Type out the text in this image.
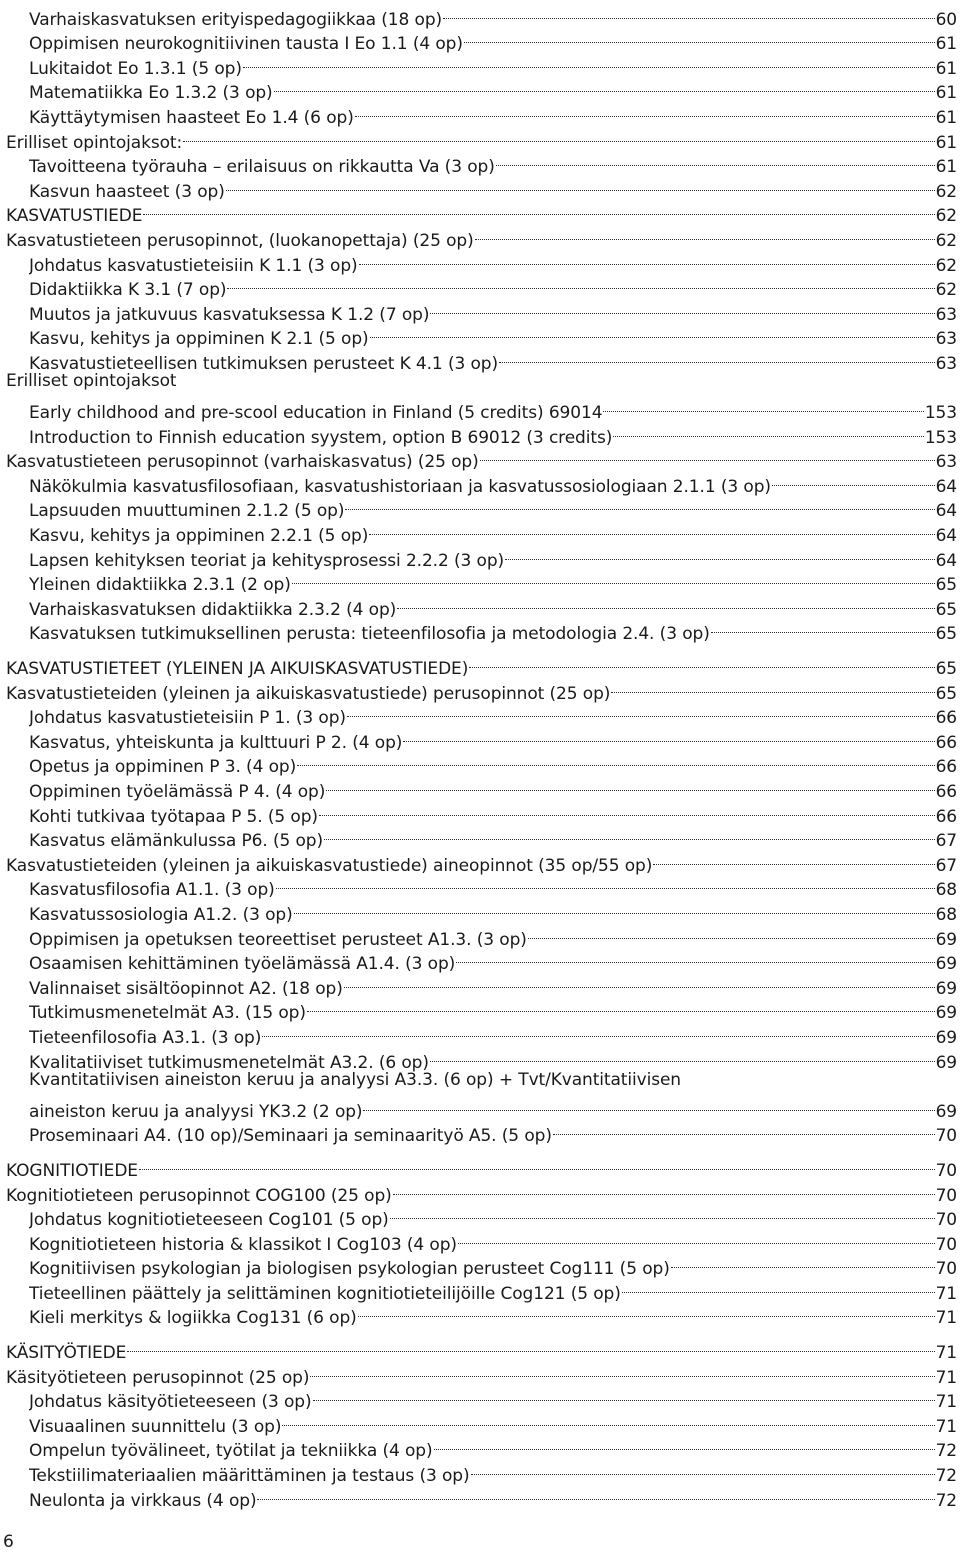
Varhaiskasvatuksen erityispedagogiikkaa (18 op)	60
Oppimisen neurokognitiivinen tausta I Eo 1.1 (4 op)	61
Lukitaidot Eo 1.3.1 (5 op)	61
Matematiikka Eo 1.3.2 (3 op)	61
Käyttäytymisen haasteet Eo 1.4 (6 op)	61
Erilliset opintojaksot:	61
Tavoitteena työrauha – erilaisuus on rikkautta Va (3 op)	61
Kasvun haasteet (3 op)	62
KASVATUSTIEDE	62
Kasvatustieteen perusopinnot, (luokanopettaja) (25 op)	62
Johdatus kasvatustieteisiin K 1.1 (3 op)	62
Didaktiikka K 3.1 (7 op)	62
Muutos ja jatkuvuus kasvatuksessa K 1.2 (7 op)	63
Kasvu, kehitys ja oppiminen K 2.1 (5 op)	63
Kasvatustieteellisen tutkimuksen perusteet K 4.1 (3 op)	63
Erilliset opintojaksot
Early childhood and pre-scool education in Finland (5 credits) 69014	153
Introduction to Finnish education syystem, option B 69012 (3 credits)	153
Kasvatustieteen perusopinnot (varhaiskasvatus) (25 op)	63
Näkökulmia kasvatusfilosofiaan, kasvatushistoriaan ja kasvatussosiologiaan 2.1.1 (3 op)	64
Lapsuuden muuttuminen 2.1.2 (5 op)	64
Kasvu, kehitys ja oppiminen 2.2.1 (5 op)	64
Lapsen kehityksen teoriat ja kehitysprosessi 2.2.2 (3 op)	64
Yleinen didaktiikka 2.3.1 (2 op)	65
Varhaiskasvatuksen didaktiikka 2.3.2 (4 op)	65
Kasvatuksen tutkimuksellinen perusta: tieteenfilosofia ja metodologia 2.4. (3 op)	65
KASVATUSTIETEET (YLEINEN JA AIKUISKASVATUSTIEDE)	65
Kasvatustieteiden (yleinen ja aikuiskasvatustiede) perusopinnot (25 op)	65
Johdatus kasvatustieteisiin P 1. (3 op)	66
Kasvatus, yhteiskunta ja kulttuuri P 2. (4 op)	66
Opetus ja oppiminen P 3. (4 op)	66
Oppiminen työelämässä P 4. (4 op)	66
Kohti tutkivaa työtapaa P 5. (5 op)	66
Kasvatus elämänkulussa P6. (5 op)	67
Kasvatustieteiden (yleinen ja aikuiskasvatustiede) aineopinnot (35 op/55 op)	67
Kasvatusfilosofia A1.1. (3 op)	68
Kasvatussosiologia A1.2. (3 op)	68
Oppimisen ja opetuksen teoreettiset perusteet A1.3. (3 op)	69
Osaamisen kehittäminen työelämässä A1.4. (3 op)	69
Valinnaiset sisältöopinnot A2. (18 op)	69
Tutkimusmenetelmät A3. (15 op)	69
Tieteenfilosofia A3.1. (3 op)	69
Kvalitatiiviset tutkimusmenetelmät A3.2. (6 op)	69
Kvantitatiivisen aineiston keruu ja analyysi A3.3. (6 op) + Tvt/Kvantitatiivisen
aineiston keruu ja analyysi YK3.2 (2 op)	69
Proseminaari A4. (10 op)/Seminaari ja seminaarityö A5. (5 op)	70
KOGNITIOTIEDE	70
Kognitiotieteen perusopinnot COG100 (25 op)	70
Johdatus kognitiotieteeseen Cog101 (5 op)	70
Kognitiotieteen historia & klassikot I Cog103 (4 op)	70
Kognitiivisen psykologian ja biologisen psykologian perusteet Cog111 (5 op)	70
Tieteellinen päättely ja selittäminen kognitiotieteilijöille Cog121 (5 op)	71
Kieli merkitys & logiikka Cog131 (6 op)	71
KÄSITYÖTIEDE	71
Käsityötieteen perusopinnot (25 op)	71
Johdatus käsityötieteeseen (3 op)	71
Visuaalinen suunnittelu (3 op)	71
Ompelun työvälineet, työtilat ja tekniikka (4 op)	72
Tekstiilimateriaalien määrittäminen ja testaus (3 op)	72
Neulonta ja virkkaus (4 op)	72
6
